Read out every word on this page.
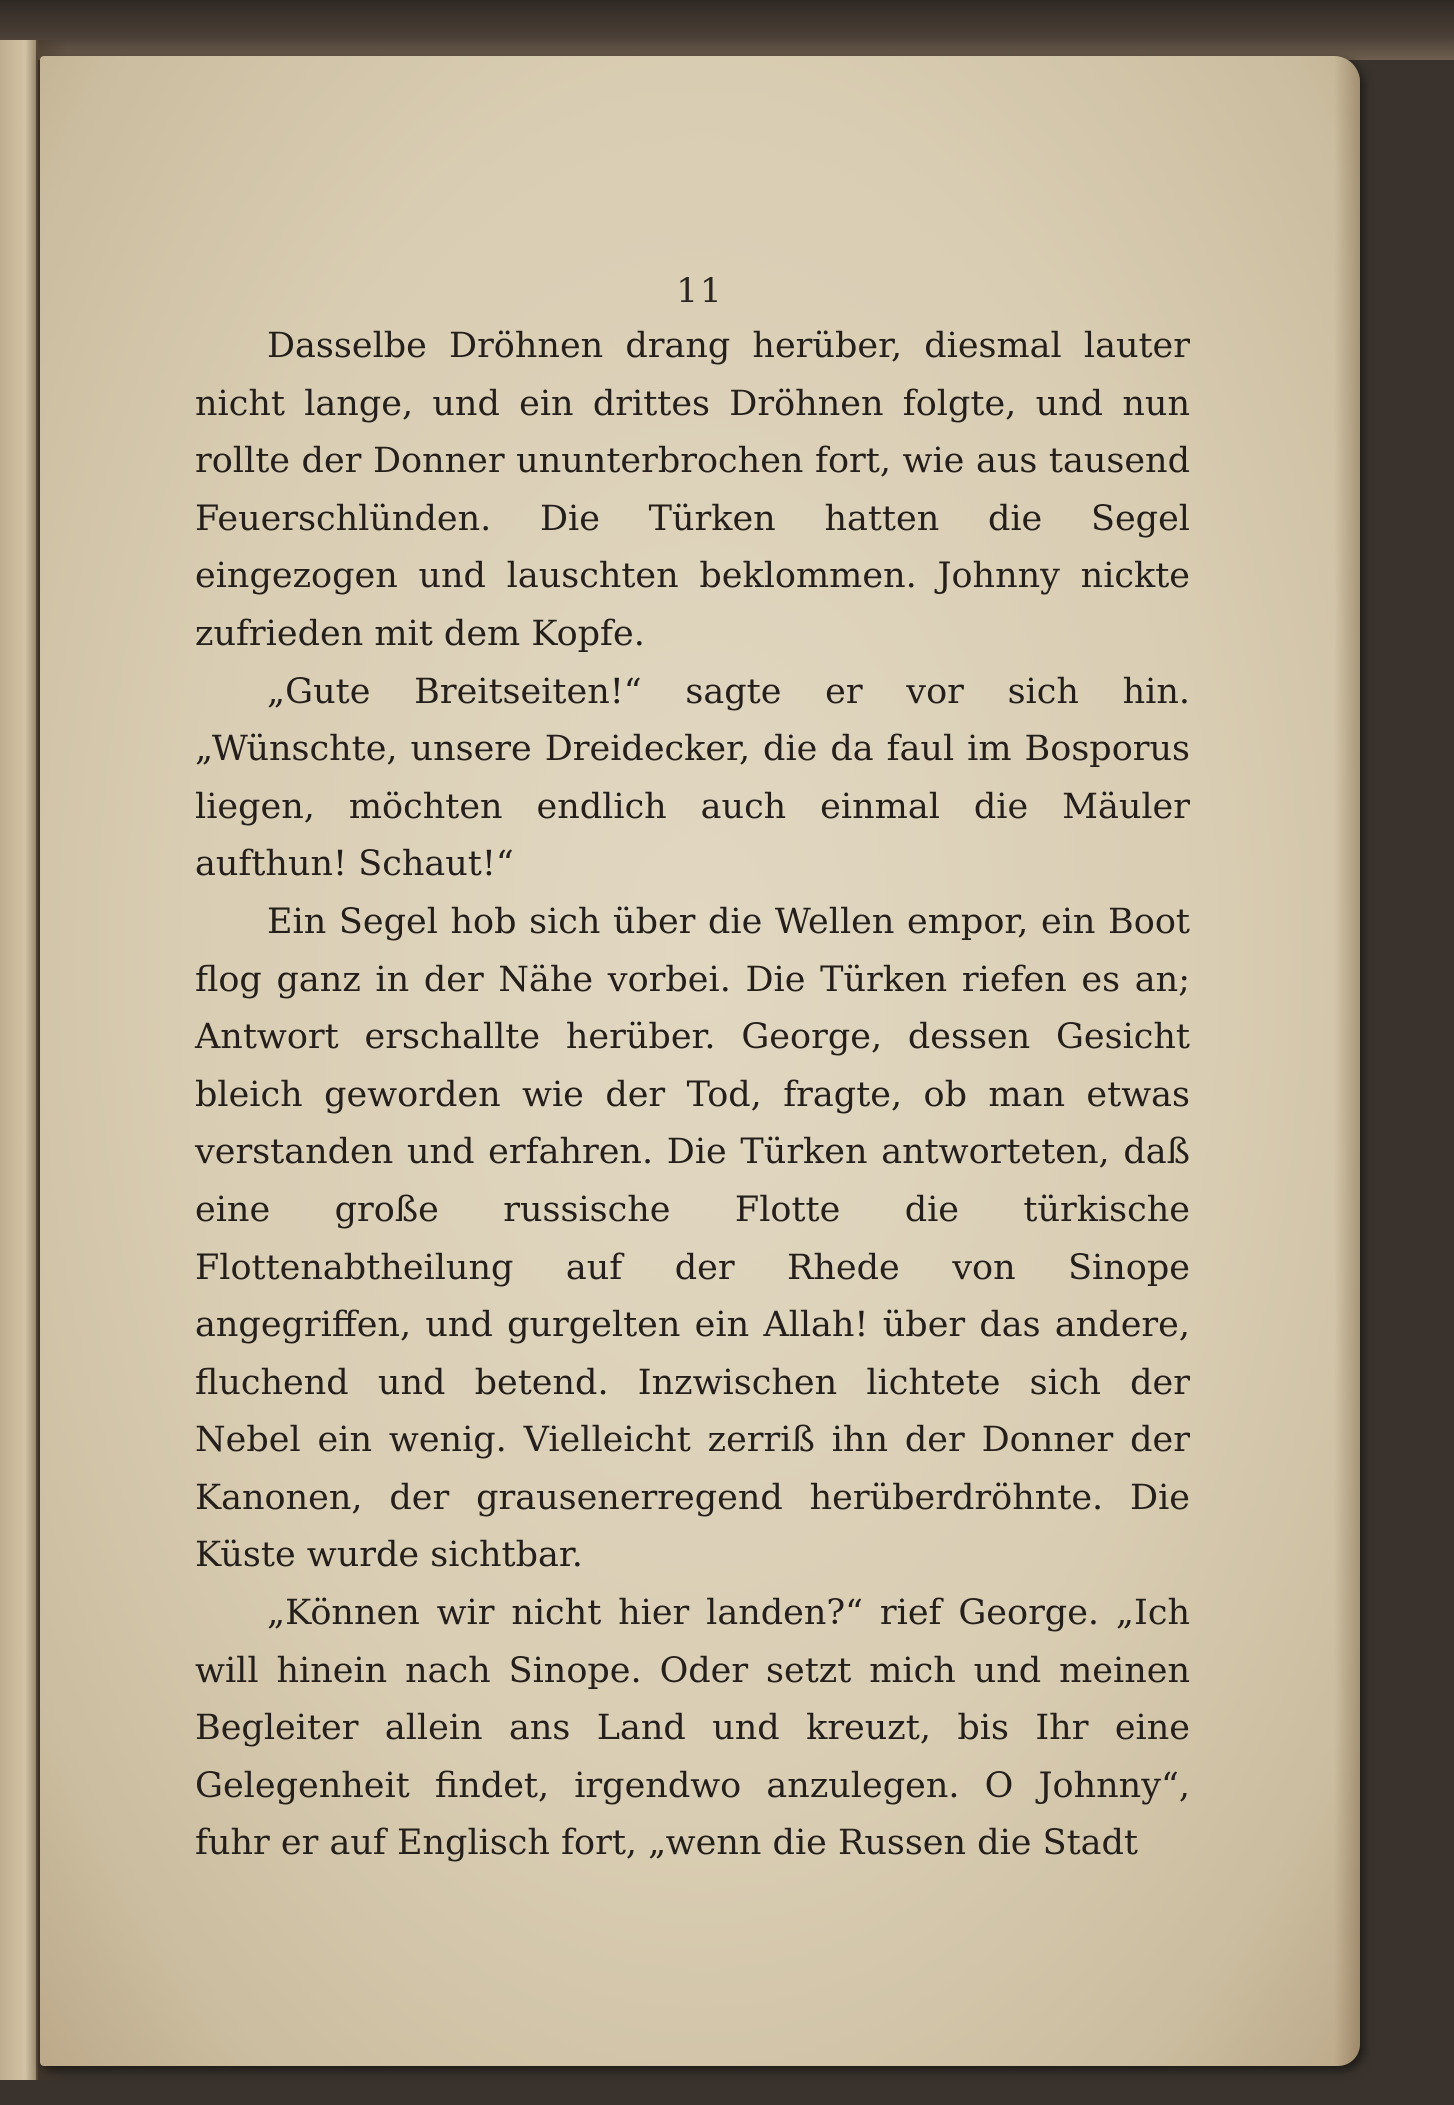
11

Dasselbe Dröhnen drang herüber, diesmal lauter nicht lange, und ein drittes Dröhnen folgte, und nun rollte der Donner ununterbrochen fort, wie aus tausend Feuerschlünden. Die Türken hatten die Segel eingezogen und lauschten beklommen. Johnny nickte zufrieden mit dem Kopfe.

„Gute Breitseiten!“ sagte er vor sich hin. „Wünschte, unsere Dreidecker, die da faul im Bosporus liegen, möchten endlich auch einmal die Mäuler aufthun! Schaut!“

Ein Segel hob sich über die Wellen empor, ein Boot flog ganz in der Nähe vorbei. Die Türken riefen es an; Antwort erschallte herüber. George, dessen Gesicht bleich geworden wie der Tod, fragte, ob man etwas verstanden und erfahren. Die Türken antworteten, daß eine große russische Flotte die türkische Flottenabtheilung auf der Rhede von Sinope angegriffen, und gurgelten ein Allah! über das andere, fluchend und betend. Inzwischen lichtete sich der Nebel ein wenig. Vielleicht zerriß ihn der Donner der Kanonen, der grausenerregend herüberdröhnte. Die Küste wurde sichtbar.

„Können wir nicht hier landen?“ rief George. „Ich will hinein nach Sinope. Oder setzt mich und meinen Begleiter allein ans Land und kreuzt, bis Ihr eine Gelegenheit findet, irgendwo anzulegen. O Johnny“, fuhr er auf Englisch fort, „wenn die Russen die Stadt
